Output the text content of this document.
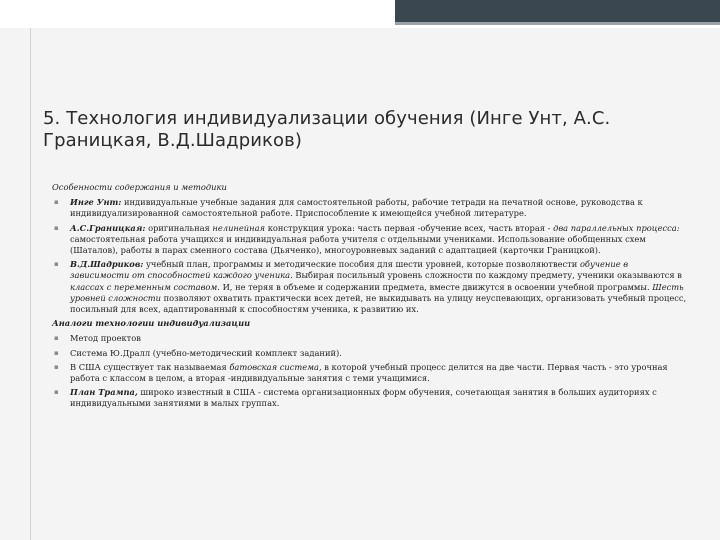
5. Технология индивидуализации обучения (Инге Унт, А.С. Границкая, В.Д.Шадриков)
Особенности содержания и методики
▪ Инге Унт: индивидуальные учебные задания для самостоятельной работы, рабочие тетради на печатной основе, руководства к индивидуализированной самостоятельной работе. Приспособление к имеющейся учебной литературе.
▪ А.С.Границкая: оригинальная нелинейная конструкция урока: часть первая -обучение всех, часть вторая - два параллельных процесса: самостоятельная работа учащихся и индивидуальная работа учителя с отдельными учениками. Использование обобщенных схем (Шаталов), работы в парах сменного состава (Дьяченко), многоуровневых заданий с адаптацией (карточки Границкой).
▪ В.Д.Шадриков: учебный план, программы и методические пособия для шести уровней, которые позволяютвести обучение в зависимости от способностей каждого ученика. Выбирая посильный уровень сложности по каждому предмету, ученики оказываются в классах с переменным составом. И, не теряя в объеме и содержании предмета, вместе движутся в освоении учебной программы. Шесть уровней сложности позволяют охватить практически всех детей, не выкидывать на улицу неуспевающих, организовать учебный процесс, посильный для всех, адаптированный к способностям ученика, к развитию их.
Аналоги технологии индивидуализации
▪ Метод проектов
▪ Система Ю.Дралл (учебно-методический комплект заданий).
▪ В США существует так называемая батовская система, в которой учебный процесс делится на две части. Первая часть - это урочная работа с классом в целом, а вторая -индивидуальные занятия с теми учащимися.
▪ План Трампа, широко известный в США - система организационных форм обучения, сочетающая занятия в больших аудиториях с индивидуальными занятиями в малых группах.
